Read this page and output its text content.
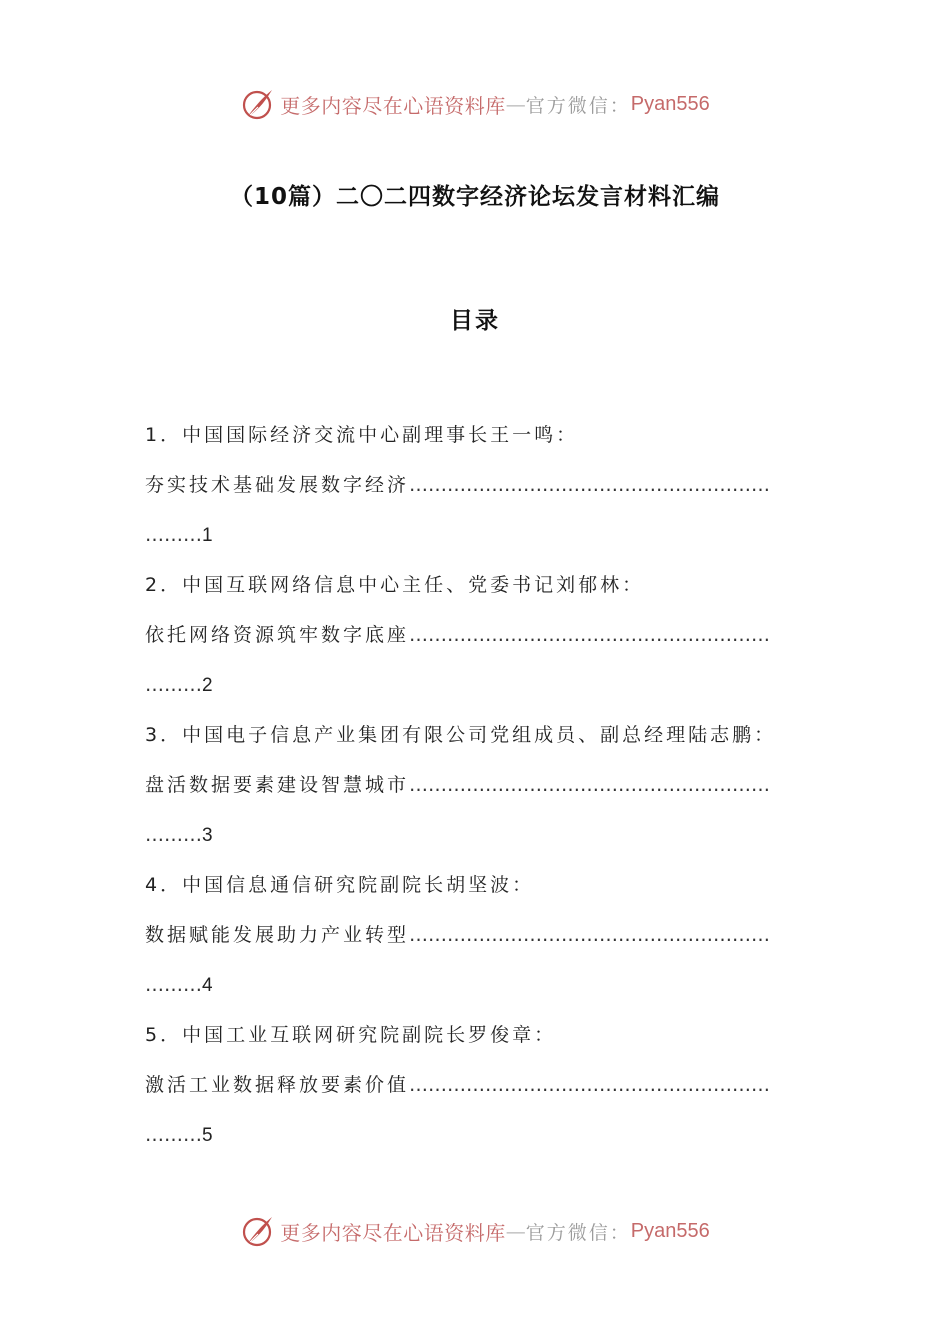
更多内容尽在心语资料库 — 官方微信： Pyan556
（10篇）二〇二四数字经济论坛发言材料汇编
目录
1．中国国际经济交流中心副理事长王一鸣：
夯实技术基础发展数字经济…………………………………………………
………1
2．中国互联网络信息中心主任、党委书记刘郁林：
依托网络资源筑牢数字底座…………………………………………………
………2
3．中国电子信息产业集团有限公司党组成员、副总经理陆志鹏：
盘活数据要素建设智慧城市…………………………………………………
………3
4．中国信息通信研究院副院长胡坚波：
数据赋能发展助力产业转型…………………………………………………
………4
5．中国工业互联网研究院副院长罗俊章：
激活工业数据释放要素价值…………………………………………………
………5
更多内容尽在心语资料库 — 官方微信： Pyan556
